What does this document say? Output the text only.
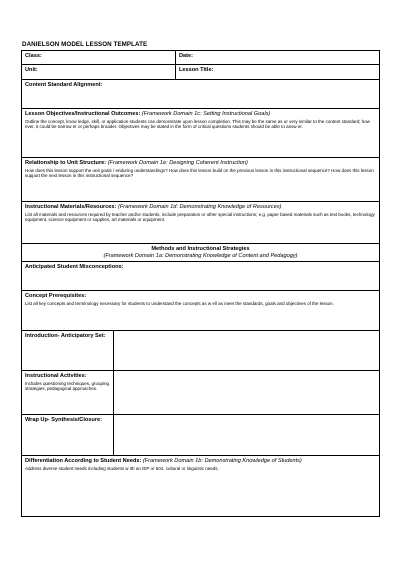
DANIELSON MODEL LESSON TEMPLATE
Class:		Date:
Unit:		Lesson Title:
Content Standard Alignment:		
Lesson Objectives/Instructional Outcomes: (Framework Domain 1c: Setting Instructional Goals)
Outline the concept, know ledge, skill, or application students can demonstrate upon lesson completion. This may be the same as or very similar to the content standard; how ever, it could be narrow er or perhaps broader. Objectives may be stated in the form of critical questions students should be able to answ er.		

Relationship to Unit Structure: (Framework Domain 1e: Designing Coherent Instruction)
How does this lesson support the unit goals / enduring understandings? How does this lesson build on the previous lesson in this instructional sequence? How does this lesson support the next lesson in this instructional sequence?		

Instructional Materials/Resources: (Framework Domain 1d: Demonstrating Knowledge of Resources)
List all materials and resources required by teacher and/or students, include preparation or other special instructions; e.g. paper based materials such as text books, technology equipment, science equipment or supplies, art materials or equipment.		

Methods and Instructional Strategies
(Framework Domain 1a: Demonstrating Knowledge of Content and Pedagogy)		
Anticipated Student Misconceptions:		
Concept Prerequisites:
List all key concepts and terminology necessary for students to understand the concepts as w ell as meet the standards, goals and objectives of the lesson.		

Introduction- Anticipatory Set:		
Instructional Activities:
Includes questioning techniques, grouping strategies, pedagogical approaches.		

Wrap Up- Synthesis/Closure:		
Differentiation According to Student Needs: (Framework Domain 1b: Demonstrating Knowledge of Students)
Address diverse student needs including students w ith an IEP or 504, cultural or linguistic needs.		
